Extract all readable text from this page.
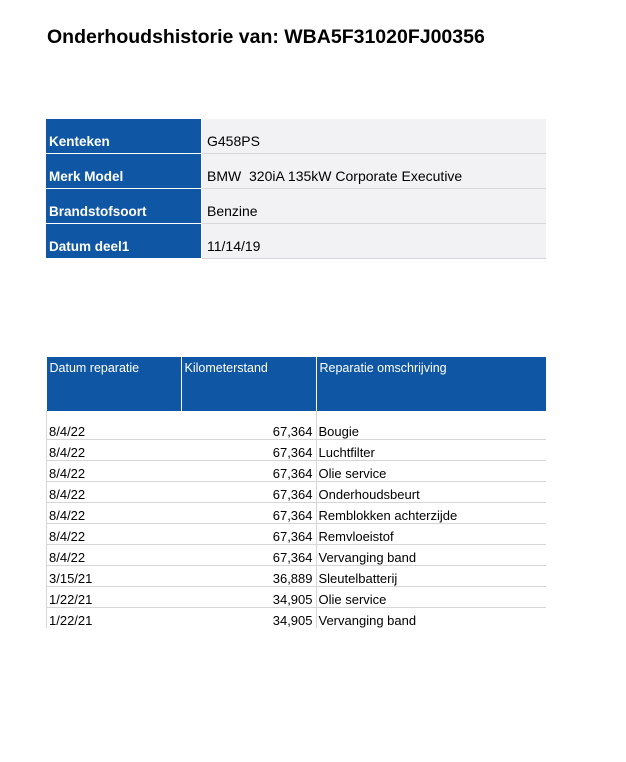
Onderhoudshistorie van: WBA5F31020FJ00356
Kenteken	G458PS
Merk Model	BMW  320iA 135kW Corporate Executive
Brandstofsoort	Benzine
Datum deel1	11/14/19
Datum reparatie	Kilometerstand	Reparatie omschrijving

8/4/22	67,364	Bougie
8/4/22	67,364	Luchtfilter
8/4/22	67,364	Olie service
8/4/22	67,364	Onderhoudsbeurt
8/4/22	67,364	Remblokken achterzijde
8/4/22	67,364	Remvloeistof
8/4/22	67,364	Vervanging band
3/15/21	36,889	Sleutelbatterij
1/22/21	34,905	Olie service
1/22/21	34,905	Vervanging band
